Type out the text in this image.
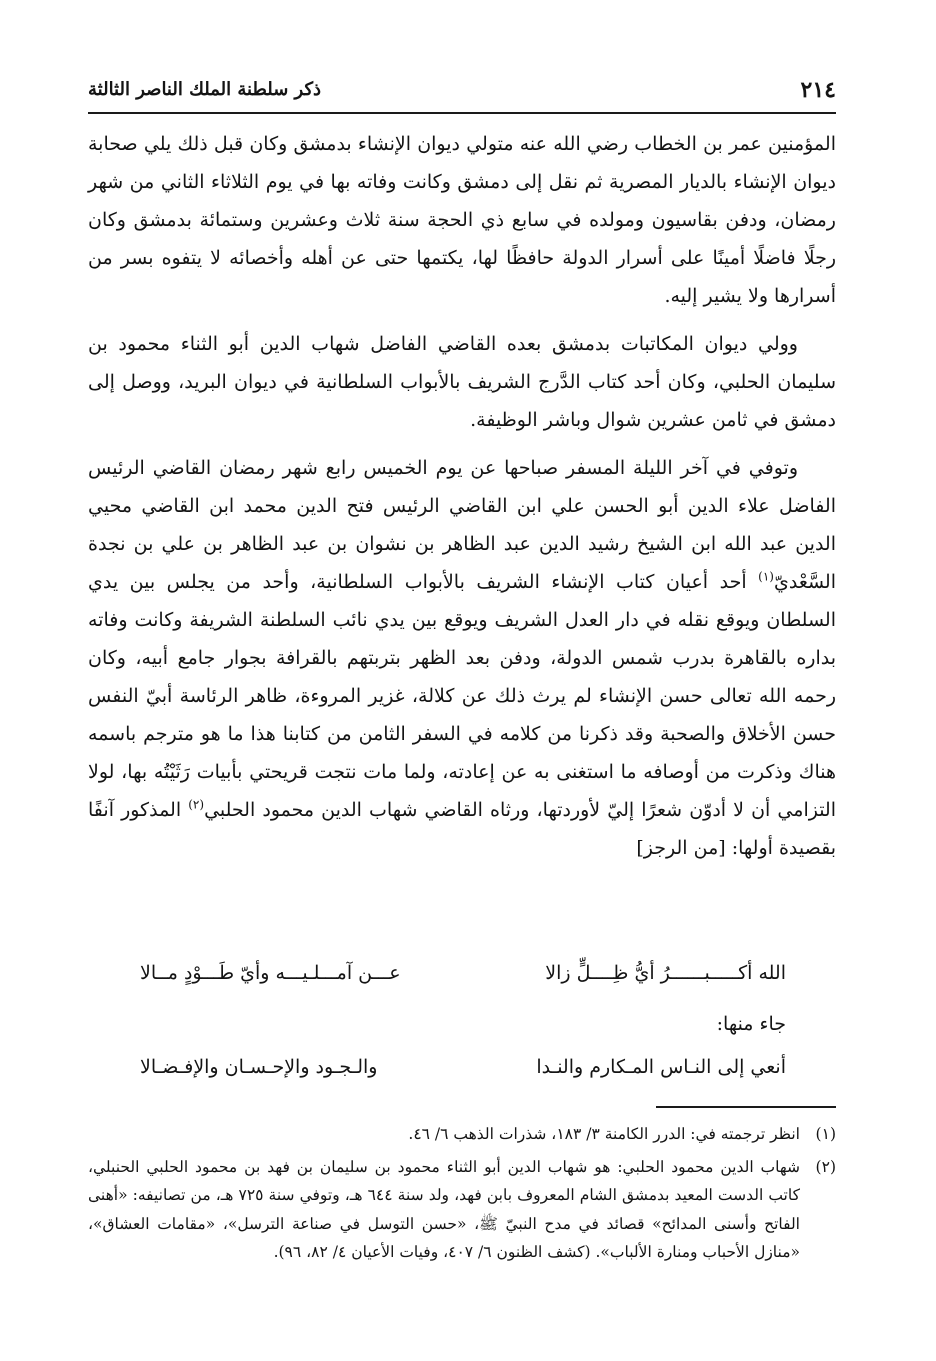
٢١٤
ذكر سلطنة الملك الناصر الثالثة

المؤمنين عمر بن الخطاب رضي الله عنه متولي ديوان الإنشاء بدمشق وكان قبل ذلك يلي صحابة ديوان الإنشاء بالديار المصرية ثم نقل إلى دمشق وكانت وفاته بها في يوم الثلاثاء الثاني من شهر رمضان، ودفن بقاسيون ومولده في سابع ذي الحجة سنة ثلاث وعشرين وستمائة بدمشق وكان رجلًا فاضلًا أمينًا على أسرار الدولة حافظًا لها، يكتمها حتى عن أهله وأخصائه لا يتفوه بسر من أسرارها ولا يشير إليه.

وولي ديوان المكاتبات بدمشق بعده القاضي الفاضل شهاب الدين أبو الثناء محمود بن سليمان الحلبي، وكان أحد كتاب الدَّرج الشريف بالأبواب السلطانية في ديوان البريد، ووصل إلى دمشق في ثامن عشرين شوال وباشر الوظيفة.

وتوفي في آخر الليلة المسفر صباحها عن يوم الخميس رابع شهر رمضان القاضي الرئيس الفاضل علاء الدين أبو الحسن علي ابن القاضي الرئيس فتح الدين محمد ابن القاضي محيي الدين عبد الله ابن الشيخ رشيد الدين عبد الظاهر بن نشوان بن عبد الظاهر بن علي بن نجدة السَّعْديّ$^{(١)}$ أحد أعيان كتاب الإنشاء الشريف بالأبواب السلطانية، وأحد من يجلس بين يدي السلطان ويوقع نقله في دار العدل الشريف ويوقع بين يدي نائب السلطنة الشريفة وكانت وفاته بداره بالقاهرة بدرب شمس الدولة، ودفن بعد الظهر بتربتهم بالقرافة بجوار جامع أبيه، وكان رحمه الله تعالى حسن الإنشاء لم يرث ذلك عن كلالة، غزير المروءة، ظاهر الرئاسة أبيّ النفس حسن الأخلاق والصحبة وقد ذكرنا من كلامه في السفر الثامن من كتابنا هذا ما هو مترجم باسمه هناك وذكرت من أوصافه ما استغنى به عن إعادته، ولما مات نتجت قريحتي بأبيات رَثَيْتُه بها، لولا التزامي أن لا أدوّن شعرًا إليّ لأوردتها، ورثاه القاضي شهاب الدين محمود الحلبي$^{(٢)}$ المذكور آنفًا بقصيدة أولها: [من الرجز]

الله أكـــــبــــــرُ أيُّ ظِــــلٍّ زالا
عـــن آمـــلـيـــه وأيّ طَـــوْدٍ مــالا
جاء منها:
أنعي إلى النـاس المـكارم والنـدا
والـجـود والإحـسـان والإفـضـالا
(١)
انظر ترجمته في: الدرر الكامنة ٣/ ١٨٣، شذرات الذهب ٦/ ٤٦.
(٢)
شهاب الدين محمود الحلبي: هو شهاب الدين أبو الثناء محمود بن سليمان بن فهد بن محمود الحلبي الحنبلي، كاتب الدست المعيد بدمشق الشام المعروف بابن فهد، ولد سنة ٦٤٤ هـ، وتوفي سنة ٧٢٥ هـ، من تصانيفه: «أهنى الفاتح وأسنى المدائح» قصائد في مدح النبيّ ﷺ، «حسن التوسل في صناعة الترسل»، «مقامات العشاق»، «منازل الأحباب ومنارة الألباب». (كشف الظنون ٦/ ٤٠٧، وفيات الأعيان ٤/ ٨٢، ٩٦).
